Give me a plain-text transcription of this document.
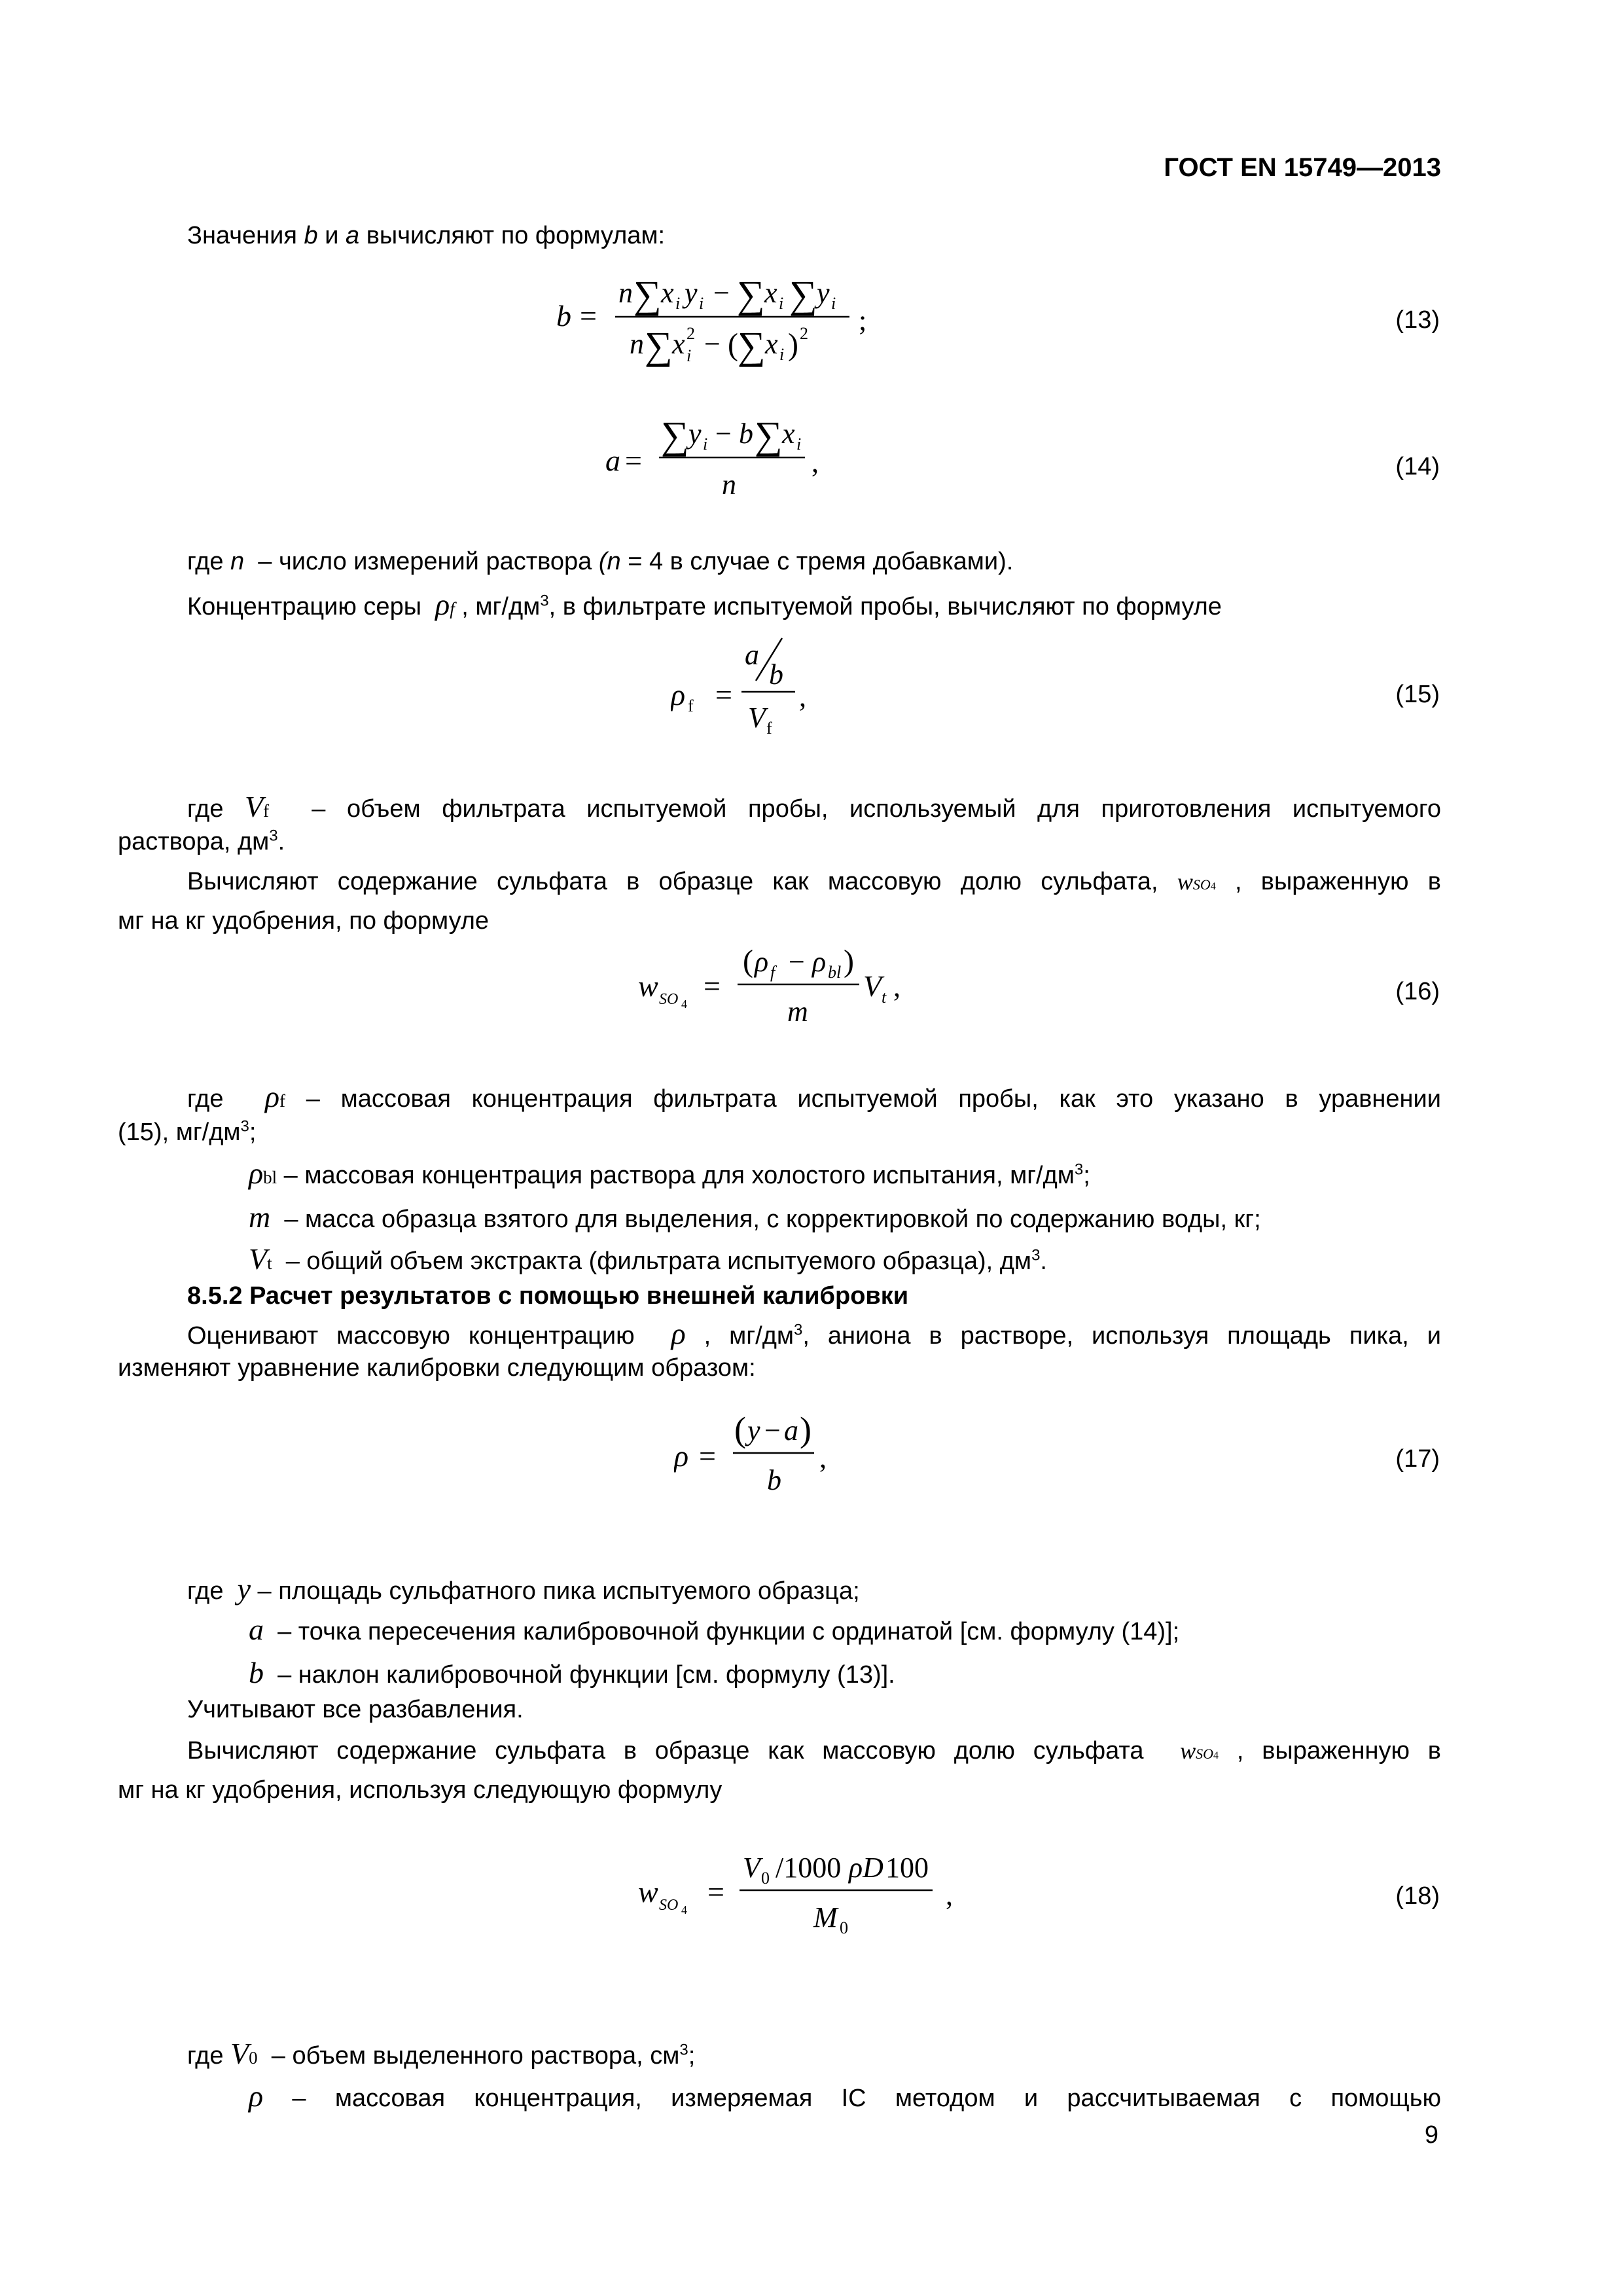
ГОСТ EN 15749—2013
Значения b и a вычисляют по формулам:
b =
n ∑ x i y i − ∑ x i ∑ y i
n ∑ x 2
i − ( ∑ x i ) 2 ;	(13)
a =
∑ y i − b ∑ x i
n
,	(14)
где n  – число измерений раствора (n = 4 в случае с тремя добавками).
Концентрацию серы  ρf , $мг/дм^3$, в фильтрате испытуемой пробы, вычисляют по формуле
ρ f =
a
b
V f
,	(15)
где Vf  – объем фильтрата испытуемой пробы, используемый для приготовления испытуемого
раствора, $дм^3$.
Вычисляют содержание сульфата в образце как массовую долю сульфата, wSO4 , выраженную в
мг на кг удобрения, по формуле
w SO 4
=
( ρ f − ρ bl )
m
V t ,	(16)
где  ρf – массовая концентрация фильтрата испытуемой пробы, как это указано в уравнении
(15), $мг/дм^3$;
ρbl – массовая концентрация раствора для холостого испытания, $мг/дм^3$;
m  – масса образца взятого для выделения, с корректировкой по содержанию воды, кг;
Vt  – общий объем экстракта (фильтрата испытуемого образца), $дм^3$.
8.5.2 Расчет результатов с помощью внешней калибровки
Оценивают массовую концентрацию  ρ , $мг/дм^3$, аниона в растворе, используя площадь пика, и
изменяют уравнение калибровки следующим образом:
ρ =
( y − a )
b
,	(17)
где  y – площадь сульфатного пика испытуемого образца;
a  – точка пересечения калибровочной функции с ординатой [см. формулу (14)];
b  – наклон калибровочной функции [см. формулу (13)].
Учитывают все разбавления.
Вычисляют содержание сульфата в образце как массовую долю сульфата  wSO4 , выраженную в
мг на кг удобрения, используя следующую формулу
w SO 4
=
V 0 /1000 ρD 100
M 0
,	(18)
где V0  – объем выделенного раствора, $см^3$;
ρ – массовая концентрация, измеряемая IC методом и рассчитываемая с помощью
9
